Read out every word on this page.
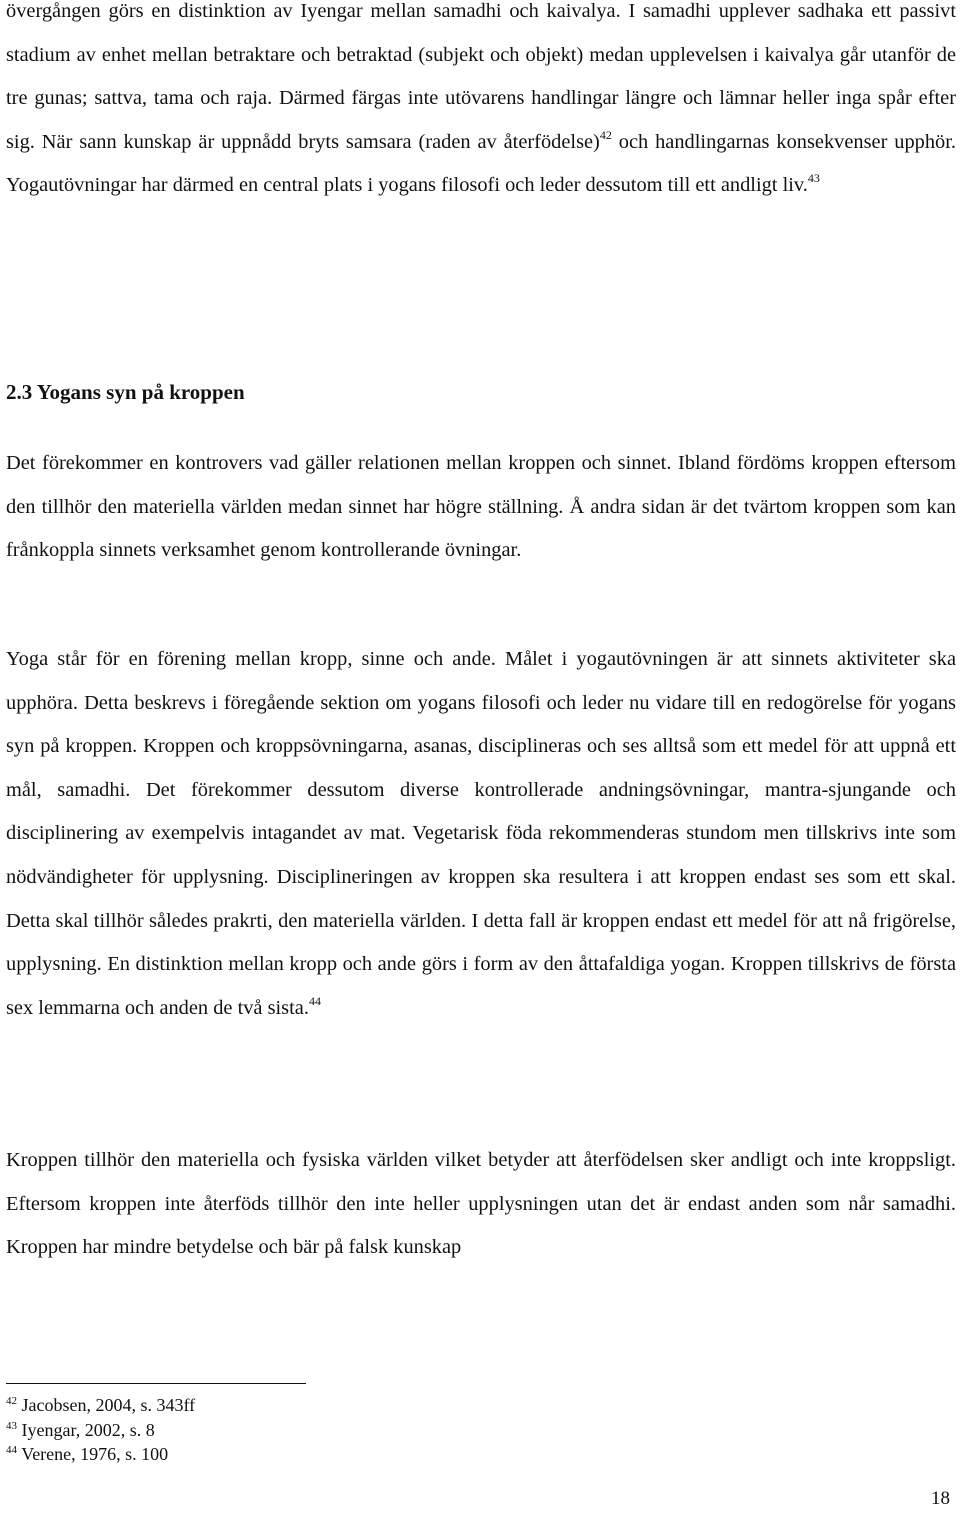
övergången görs en distinktion av Iyengar mellan samadhi och kaivalya. I samadhi upplever sadhaka ett passivt stadium av enhet mellan betraktare och betraktad (subjekt och objekt) medan upplevelsen i kaivalya går utanför de tre gunas; sattva, tama och raja. Därmed färgas inte utövarens handlingar längre och lämnar heller inga spår efter sig. När sann kunskap är uppnådd bryts samsara (raden av återfödelse)$^{42}$ och handlingarnas konsekvenser upphör. Yogautövningar har därmed en central plats i yogans filosofi och leder dessutom till ett andligt liv.$^{43}$

2.3 Yogans syn på kroppen

Det förekommer en kontrovers vad gäller relationen mellan kroppen och sinnet. Ibland fördöms kroppen eftersom den tillhör den materiella världen medan sinnet har högre ställning. Å andra sidan är det tvärtom kroppen som kan frånkoppla sinnets verksamhet genom kontrollerande övningar.

Yoga står för en förening mellan kropp, sinne och ande. Målet i yogautövningen är att sinnets aktiviteter ska upphöra. Detta beskrevs i föregående sektion om yogans filosofi och leder nu vidare till en redogörelse för yogans syn på kroppen. Kroppen och kroppsövningarna, asanas, disciplineras och ses alltså som ett medel för att uppnå ett mål, samadhi. Det förekommer dessutom diverse kontrollerade andningsövningar, mantra-sjungande och disciplinering av exempelvis intagandet av mat. Vegetarisk föda rekommenderas stundom men tillskrivs inte som nödvändigheter för upplysning. Disciplineringen av kroppen ska resultera i att kroppen endast ses som ett skal. Detta skal tillhör således prakrti, den materiella världen. I detta fall är kroppen endast ett medel för att nå frigörelse, upplysning. En distinktion mellan kropp och ande görs i form av den åttafaldiga yogan. Kroppen tillskrivs de första sex lemmarna och anden de två sista.$^{44}$

Kroppen tillhör den materiella och fysiska världen vilket betyder att återfödelsen sker andligt och inte kroppsligt. Eftersom kroppen inte återföds tillhör den inte heller upplysningen utan det är endast anden som når samadhi. Kroppen har mindre betydelse och bär på falsk kunskap

$^{42}$ Jacobsen, 2004, s. 343ff

$^{43}$ Iyengar, 2002, s. 8

$^{44}$ Verene, 1976, s. 100

18
